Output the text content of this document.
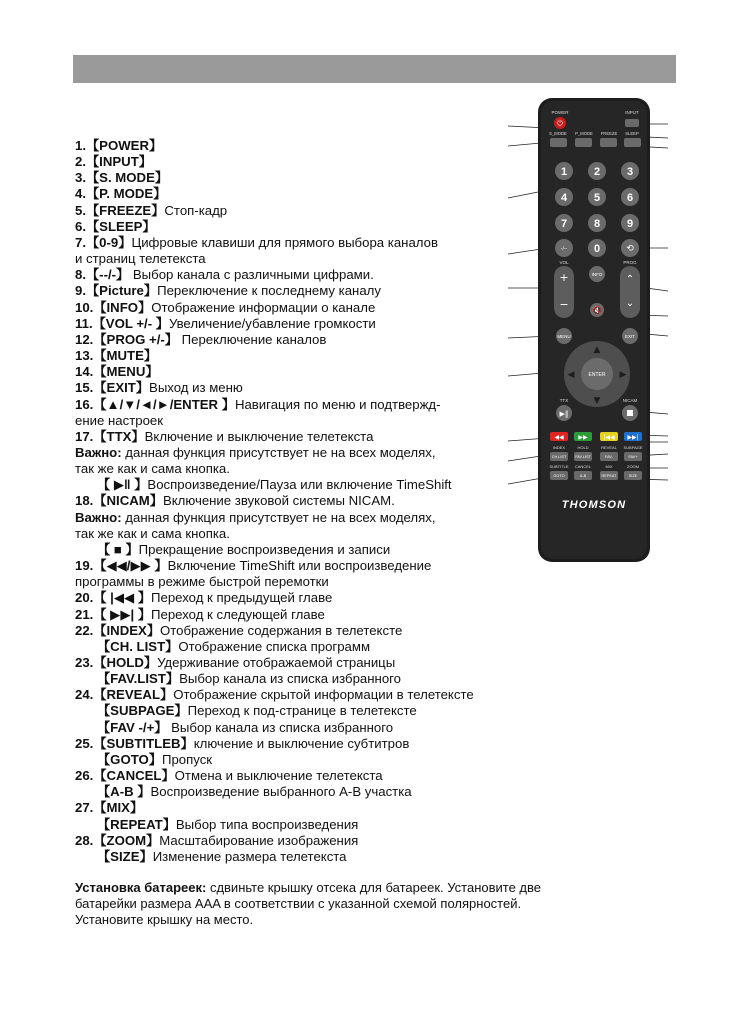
1.【POWER】
2.【INPUT】
3.【S. MODE】
4.【P. MODE】
5.【FREEZE】Стоп-кадр
6.【SLEEP】
7.【0-9】Цифровые клавиши для прямого выбора каналов
и страниц телетекста
8.【--/-】 Выбор канала с различными цифрами.
9.【Picture】Переключение к последнему каналу
10.【INFO】Отображение информации о канале
11.【VOL +/- 】Увеличение/убавление громкости
12.【PROG +/-】 Переключение каналов
13.【MUTE】
14.【MENU】
15.【EXIT】Выход из меню
16.【▲/▼/◄/►/ENTER 】Навигация по меню и подтвержд-
ение настроек
17.【TTX】Включение и выключение телетекста
Важно: данная функция присутствует не на всех моделях,
так же как и сама кнопка.
【 ▶‖ 】Воспроизведение/Пауза или включение TimeShift
18.【NICAM】Включение звуковой системы NICAM.
Важно: данная функция присутствует не на всех моделях,
так же как и сама кнопка.
【 ■ 】Прекращение воспроизведения и записи
19.【◀◀/▶▶ 】Включение TimeShift или воспроизведение
программы в режиме быстрой перемотки
20.【 |◀◀ 】Переход к предыдущей главе
21.【 ▶▶| 】Переход к следующей главе
22.【INDEX】Отображение содержания в телетексте
【CH. LIST】Отображение списка программ
23.【HOLD】Удерживание отображаемой страницы
【FAV.LIST】Выбор канала из списка избранного
24.【REVEAL】Отображение скрытой информации в телетексте
【SUBPAGE】Переход к под-странице в телетексте
【FAV -/+】 Выбор канала из списка избранного
25.【SUBTITLEB】ключение и выключение субтитров
【GOTO】Пропуск
26.【CANCEL】Отмена и выключение телетекста
【A-B 】Воспроизведение выбранного A-B участка
27.【MIX】
【REPEAT】Выбор типа воспроизведения
28.【ZOOM】Масштабирование изображения
【SIZE】Изменение размера телетекста
Установка батареек: сдвиньте крышку отсека для батареек. Установите две
батарейки размера AAA в соответствии с указанной схемой полярностей.
Установите крышку на место.
POWER
⏻
INPUT
S_MODE P_MODE FREEZE SLEEP
1 2 3
4 5 6
7 8 9
-/-- 0	⟲
VOL
+
−
INFO
🔇
PROG
⌃
⌄
MENU	EXIT
ENTER
▲
▼
◀	▶
TTX
▶‖
NICAM
◀◀ ▶▶	|◀◀ ▶▶|
INDEX	HOLD	REVEAL SUBPAGE
CH.LIST FAV.LIST	FAV-	FAV+
SUBTITLE CANCEL	MIX	ZOOM
GOTO	A-B	REPEAT	SIZE
THOMSON
